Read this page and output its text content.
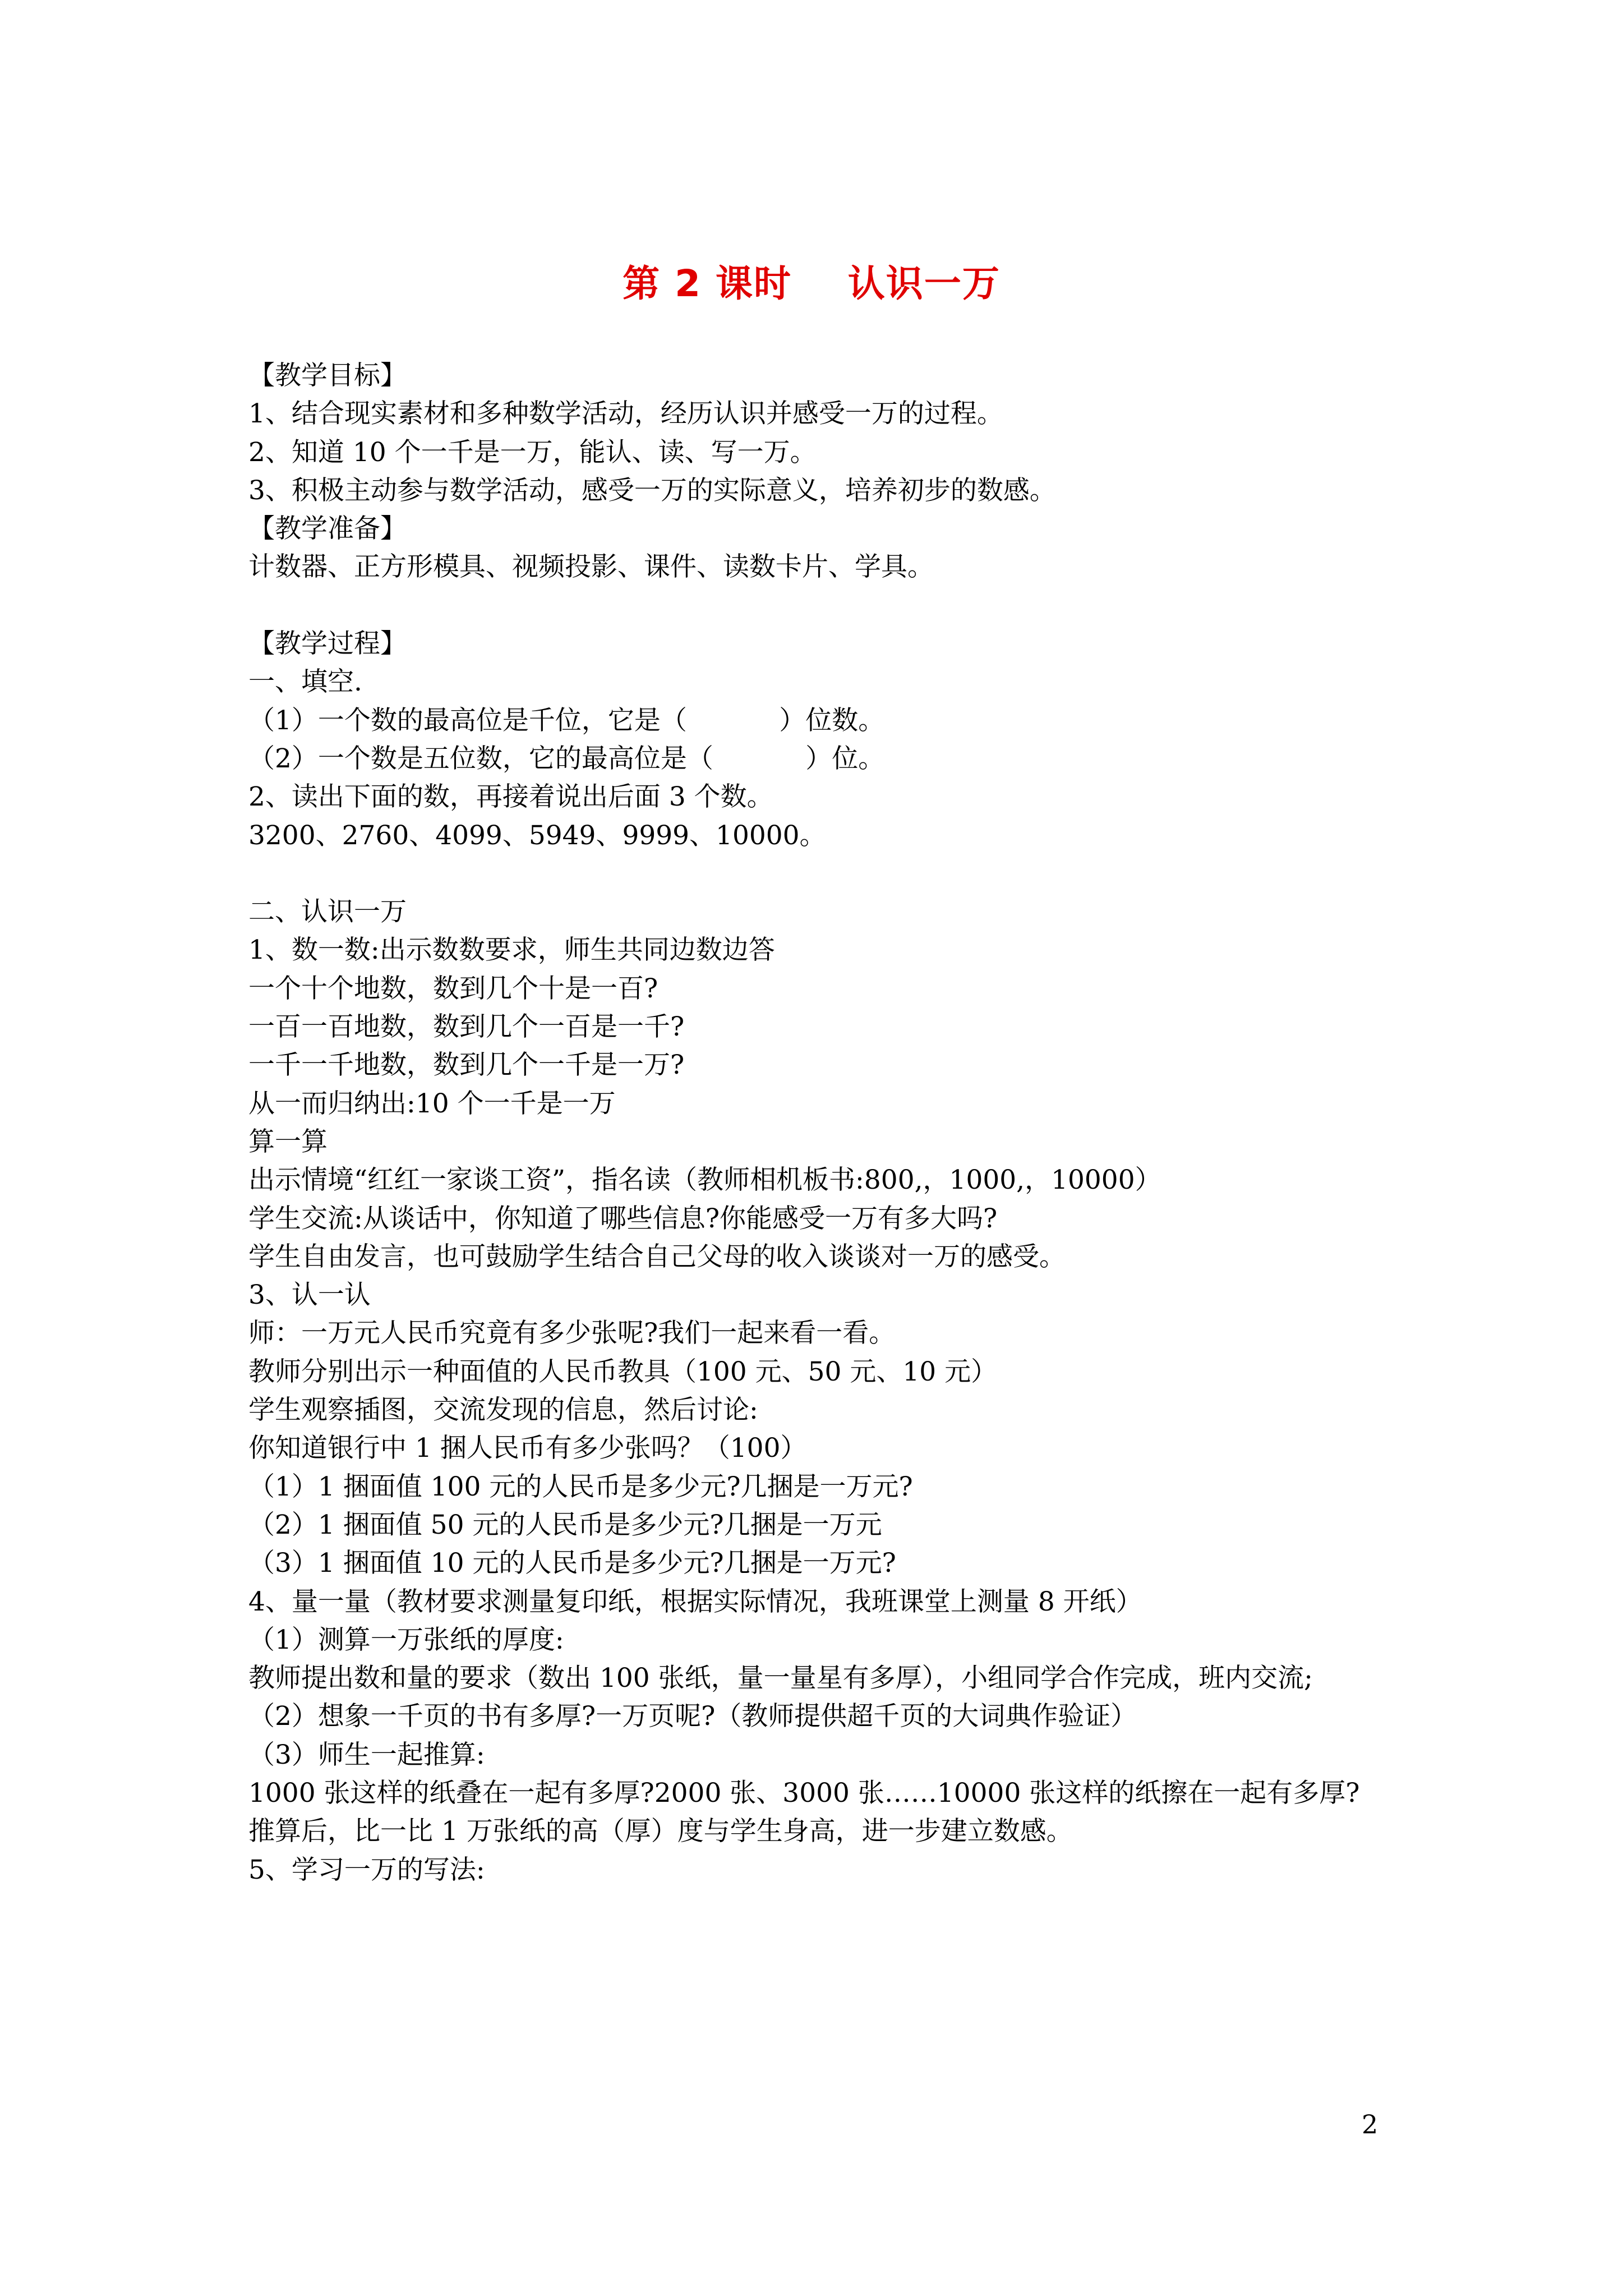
第 2 课时    认识一万
【教学目标】
1、结合现实素材和多种数学活动，经历认识并感受一万的过程。
2、知道 10 个一千是一万，能认、读、写一万。
3、积极主动参与数学活动，感受一万的实际意义，培养初步的数感。
【教学准备】
计数器、正方形模具、视频投影、课件、读数卡片、学具。
【教学过程】
一、填空.
（1）一个数的最高位是千位，它是（           ）位数。
（2）一个数是五位数，它的最高位是（           ）位。
2、读出下面的数，再接着说出后面 3 个数。
3200、2760、4099、5949、9999、10000。
二、认识一万
1、数一数:出示数数要求，师生共同边数边答
一个十个地数，数到几个十是一百?
一百一百地数，数到几个一百是一千?
一千一千地数，数到几个一千是一万?
从一而归纳出:10 个一千是一万
算一算
出示情境“红红一家谈工资”，指名读（教师相机板书:800,，1000,，10000）
学生交流:从谈话中，你知道了哪些信息?你能感受一万有多大吗?
学生自由发言，也可鼓励学生结合自己父母的收入谈谈对一万的感受。
3、认一认
师：一万元人民币究竟有多少张呢?我们一起来看一看。
教师分别出示一种面值的人民币教具（100 元、50 元、10 元）
学生观察插图，交流发现的信息，然后讨论:
你知道银行中 1 捆人民币有多少张吗？（100）
（1）1 捆面值 100 元的人民币是多少元?几捆是一万元?
（2）1 捆面值 50 元的人民币是多少元?几捆是一万元
（3）1 捆面值 10 元的人民币是多少元?几捆是一万元?
4、量一量（教材要求测量复印纸，根据实际情况，我班课堂上测量 8 开纸）
（1）测算一万张纸的厚度:
教师提出数和量的要求（数出 100 张纸，量一量星有多厚），小组同学合作完成，班内交流;
（2）想象一千页的书有多厚?一万页呢?（教师提供超千页的大词典作验证）
（3）师生一起推算:
1000 张这样的纸叠在一起有多厚?2000 张、3000 张……10000 张这样的纸擦在一起有多厚?
推算后，比一比 1 万张纸的高（厚）度与学生身高，进一步建立数感。
5、学习一万的写法:
2
